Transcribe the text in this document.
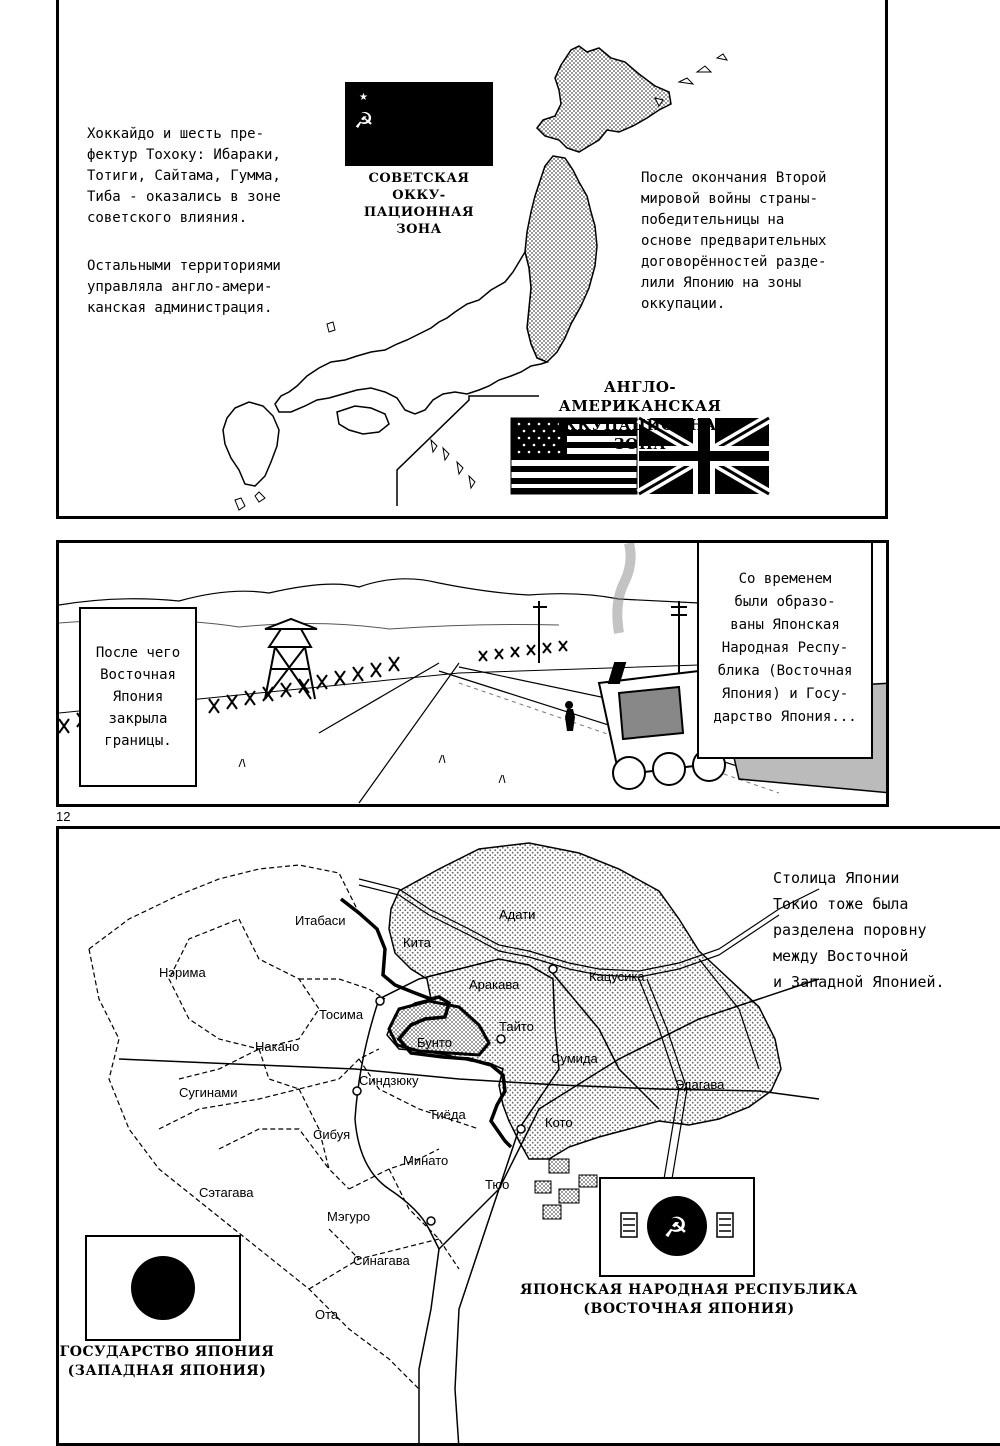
★
☭
Хоккайдо и шесть пре-
фектур Тохоку: Ибараки,
Тотиги, Сайтама, Гумма,
Тиба - оказались в зоне
советского влияния.
Остальными территориями
управляла англо-амери-
канская администрация.
После окончания Второй
мировой войны страны-
победительницы на
основе предварительных
договорённостей разде-
лили Японию на зоны
оккупации.
СОВЕТСКАЯ ОККУ-
ПАЦИОННАЯ ЗОНА
АНГЛО-АМЕРИКАНСКАЯ
ОККУПАЦИОННАЯ ЗОНА
После чего
Восточная
Япония
закрыла
границы.
Со временем
были образо-
ваны Японская
Народная Респу-
блика (Восточная
Япония) и Госу-
дарство Япония...
12
Итабаси
Кита
Адати
Нэрима
Аракава
Кацусика
Тосима
Бунто
Тайто
Накано
Сумида
Сугинами
Синдзюку	Эдагава
Тиёда
Сибуя
Кото
Минато
Тюо
Сэтагава
Мэгуро
Синагава
Ота
Столица Японии
Токио тоже была
разделена поровну
между Восточной
и Западной Японией.
ГОСУДАРСТВО ЯПОНИЯ
(ЗАПАДНАЯ ЯПОНИЯ)
☭
ЯПОНСКАЯ НАРОДНАЯ РЕСПУБЛИКА
(ВОСТОЧНАЯ ЯПОНИЯ)
